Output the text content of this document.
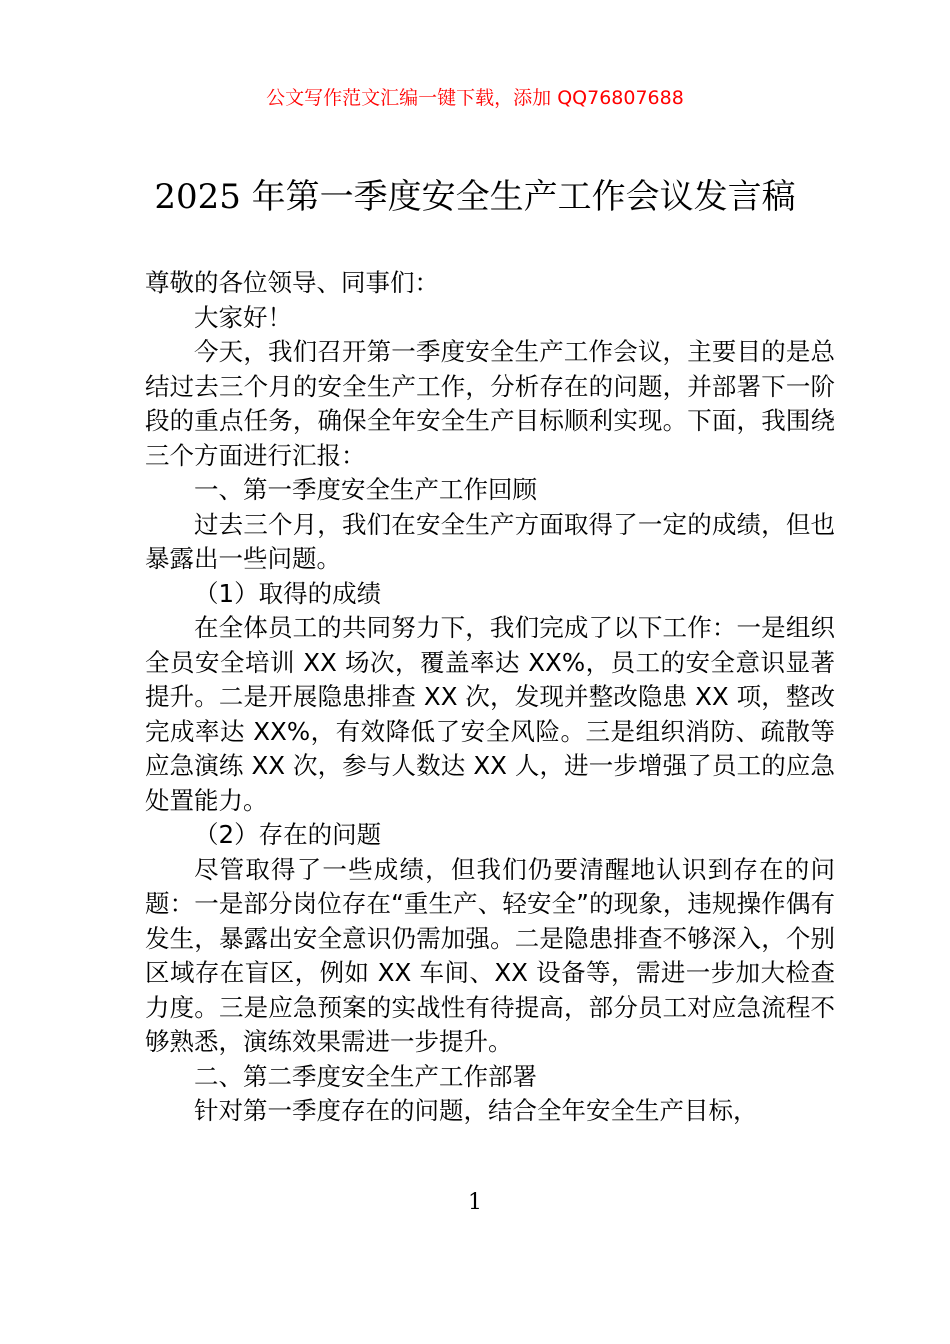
公文写作范文汇编一键下载，添加 QQ76807688
2025 年第一季度安全生产工作会议发言稿

尊敬的各位领导、同事们：

大家好！

今天，我们召开第一季度安全生产工作会议，主要目的是总结过去三个月的安全生产工作，分析存在的问题，并部署下一阶段的重点任务，确保全年安全生产目标顺利实现。下面，我围绕三个方面进行汇报：

一、第一季度安全生产工作回顾

过去三个月，我们在安全生产方面取得了一定的成绩，但也暴露出一些问题。

（1）取得的成绩

在全体员工的共同努力下，我们完成了以下工作：一是组织全员安全培训 XX 场次，覆盖率达 XX%，员工的安全意识显著提升。二是开展隐患排查 XX 次，发现并整改隐患 XX 项，整改完成率达 XX%，有效降低了安全风险。三是组织消防、疏散等应急演练 XX 次，参与人数达 XX 人，进一步增强了员工的应急处置能力。

（2）存在的问题

尽管取得了一些成绩，但我们仍要清醒地认识到存在的问题：一是部分岗位存在“重生产、轻安全”的现象，违规操作偶有发生，暴露出安全意识仍需加强。二是隐患排查不够深入，个别区域存在盲区，例如 XX 车间、XX 设备等，需进一步加大检查力度。三是应急预案的实战性有待提高，部分员工对应急流程不够熟悉，演练效果需进一步提升。

二、第二季度安全生产工作部署

针对第一季度存在的问题，结合全年安全生产目标，

1
